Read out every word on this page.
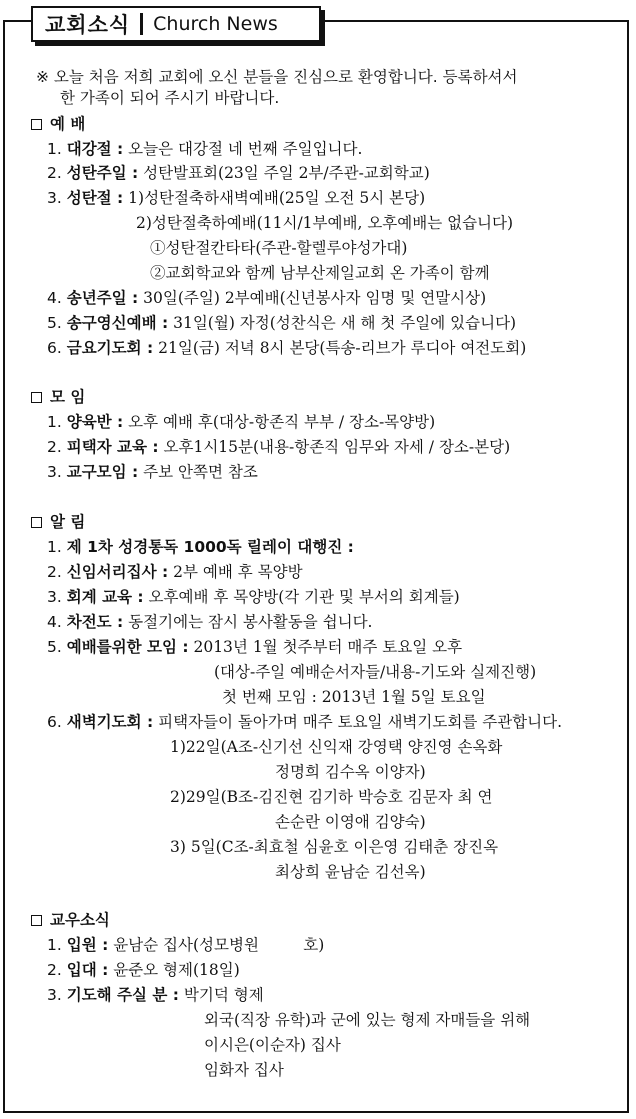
교회소식 Church News
※ 오늘 처음 저희 교회에 오신 분들을 진심으로 환영합니다. 등록하셔서
한 가족이 되어 주시기 바랍니다.
예 배
1. 대강절 : 오늘은 대강절 네 번째 주일입니다.
2. 성탄주일 : 성탄발표회(23일 주일 2부/주관-교회학교)
3. 성탄절 : 1)성탄절축하새벽예배(25일 오전 5시 본당)
2)성탄절축하예배(11시/1부예배, 오후예배는 없습니다)
①성탄절칸타타(주관-할렐루야성가대)
②교회학교와 함께 남부산제일교회 온 가족이 함께
4. 송년주일 : 30일(주일) 2부예배(신년봉사자 임명 및 연말시상)
5. 송구영신예배 : 31일(월) 자정(성찬식은 새 해 첫 주일에 있습니다)
6. 금요기도회 : 21일(금) 저녁 8시 본당(특송-리브가 루디아 여전도회)
모 임
1. 양육반 : 오후 예배 후(대상-항존직 부부 / 장소-목양방)
2. 피택자 교육 : 오후1시15분(내용-항존직 임무와 자세 / 장소-본당)
3. 교구모임 : 주보 안쪽면 참조
알 림
1. 제 1차 성경통독 1000독 릴레이 대행진 :
2. 신임서리집사 : 2부 예배 후 목양방
3. 회계 교육 : 오후예배 후 목양방(각 기관 및 부서의 회계들)
4. 차전도 : 동절기에는 잠시 봉사활동을 쉽니다.
5. 예배를위한 모임 : 2013년 1월 첫주부터 매주 토요일 오후
(대상-주일 예배순서자들/내용-기도와 실제진행)
첫 번째 모임 : 2013년 1월 5일 토요일
6. 새벽기도회 : 피택자들이 돌아가며 매주 토요일 새벽기도회를 주관합니다.
1)22일(A조-신기선 신익재 강영택 양진영 손옥화
정명희 김수옥 이양자)
2)29일(B조-김진현 김기하 박승호 김문자 최 연
손순란 이영애 김양숙)
3) 5일(C조-최효철 심윤호 이은영 김태춘 장진옥
최상희 윤남순 김선옥)
교우소식
1. 입원 : 윤남순 집사(성모병원         호)
2. 입대 : 윤준오 형제(18일)
3. 기도해 주실 분 : 박기덕 형제
외국(직장 유학)과 군에 있는 형제 자매들을 위해
이시은(이순자) 집사
임화자 집사
